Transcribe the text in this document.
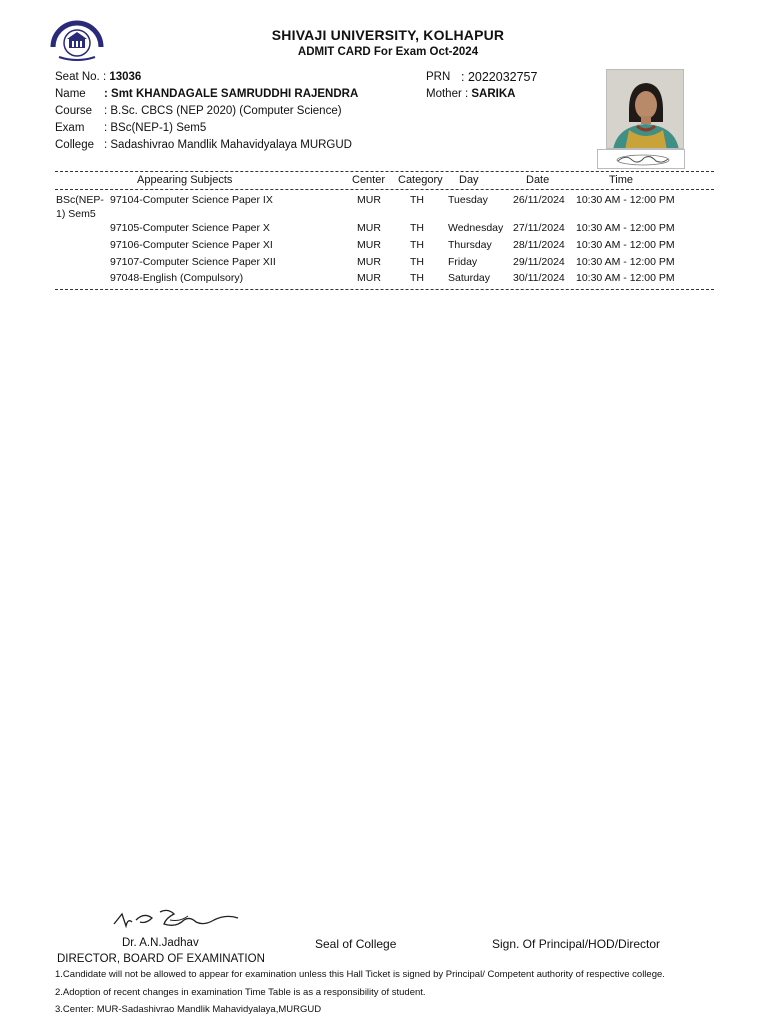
SHIVAJI UNIVERSITY, KOLHAPUR
ADMIT CARD For Exam Oct-2024
Seat No. : 13036
Name : Smt KHANDAGALE SAMRUDDHI RAJENDRA
Course : B.Sc. CBCS (NEP 2020) (Computer Science)
Exam : BSc(NEP-1) Sem5
College : Sadashivrao Mandlik Mahavidyalaya MURGUD
PRN : 2022032757
Mother : SARIKA
Appearing Subjects	Center Category Day	Date	Time
BSc(NEP-
1) Sem5
97104-Computer Science Paper IX	MUR	TH Tuesday 26/11/2024 10:30 AM - 12:00 PM
97105-Computer Science Paper X	MUR	TH Wednesday 27/11/2024 10:30 AM - 12:00 PM
97106-Computer Science Paper XI	MUR	TH Thursday 28/11/2024 10:30 AM - 12:00 PM
97107-Computer Science Paper XII	MUR	TH Friday	29/11/2024 10:30 AM - 12:00 PM
97048-English (Compulsory)	MUR	TH Saturday 30/11/2024 10:30 AM - 12:00 PM
Dr. A.N.Jadhav	Seal of College	Sign. Of Principal/HOD/Director
DIRECTOR, BOARD OF EXAMINATION
1.Candidate will not be allowed to appear for examination unless this Hall Ticket is signed by Principal/ Competent authority of respective college.
2.Adoption of recent changes in examination Time Table is as a responsibility of student.
3.Center: MUR-Sadashivrao Mandlik Mahavidyalaya,MURGUD
